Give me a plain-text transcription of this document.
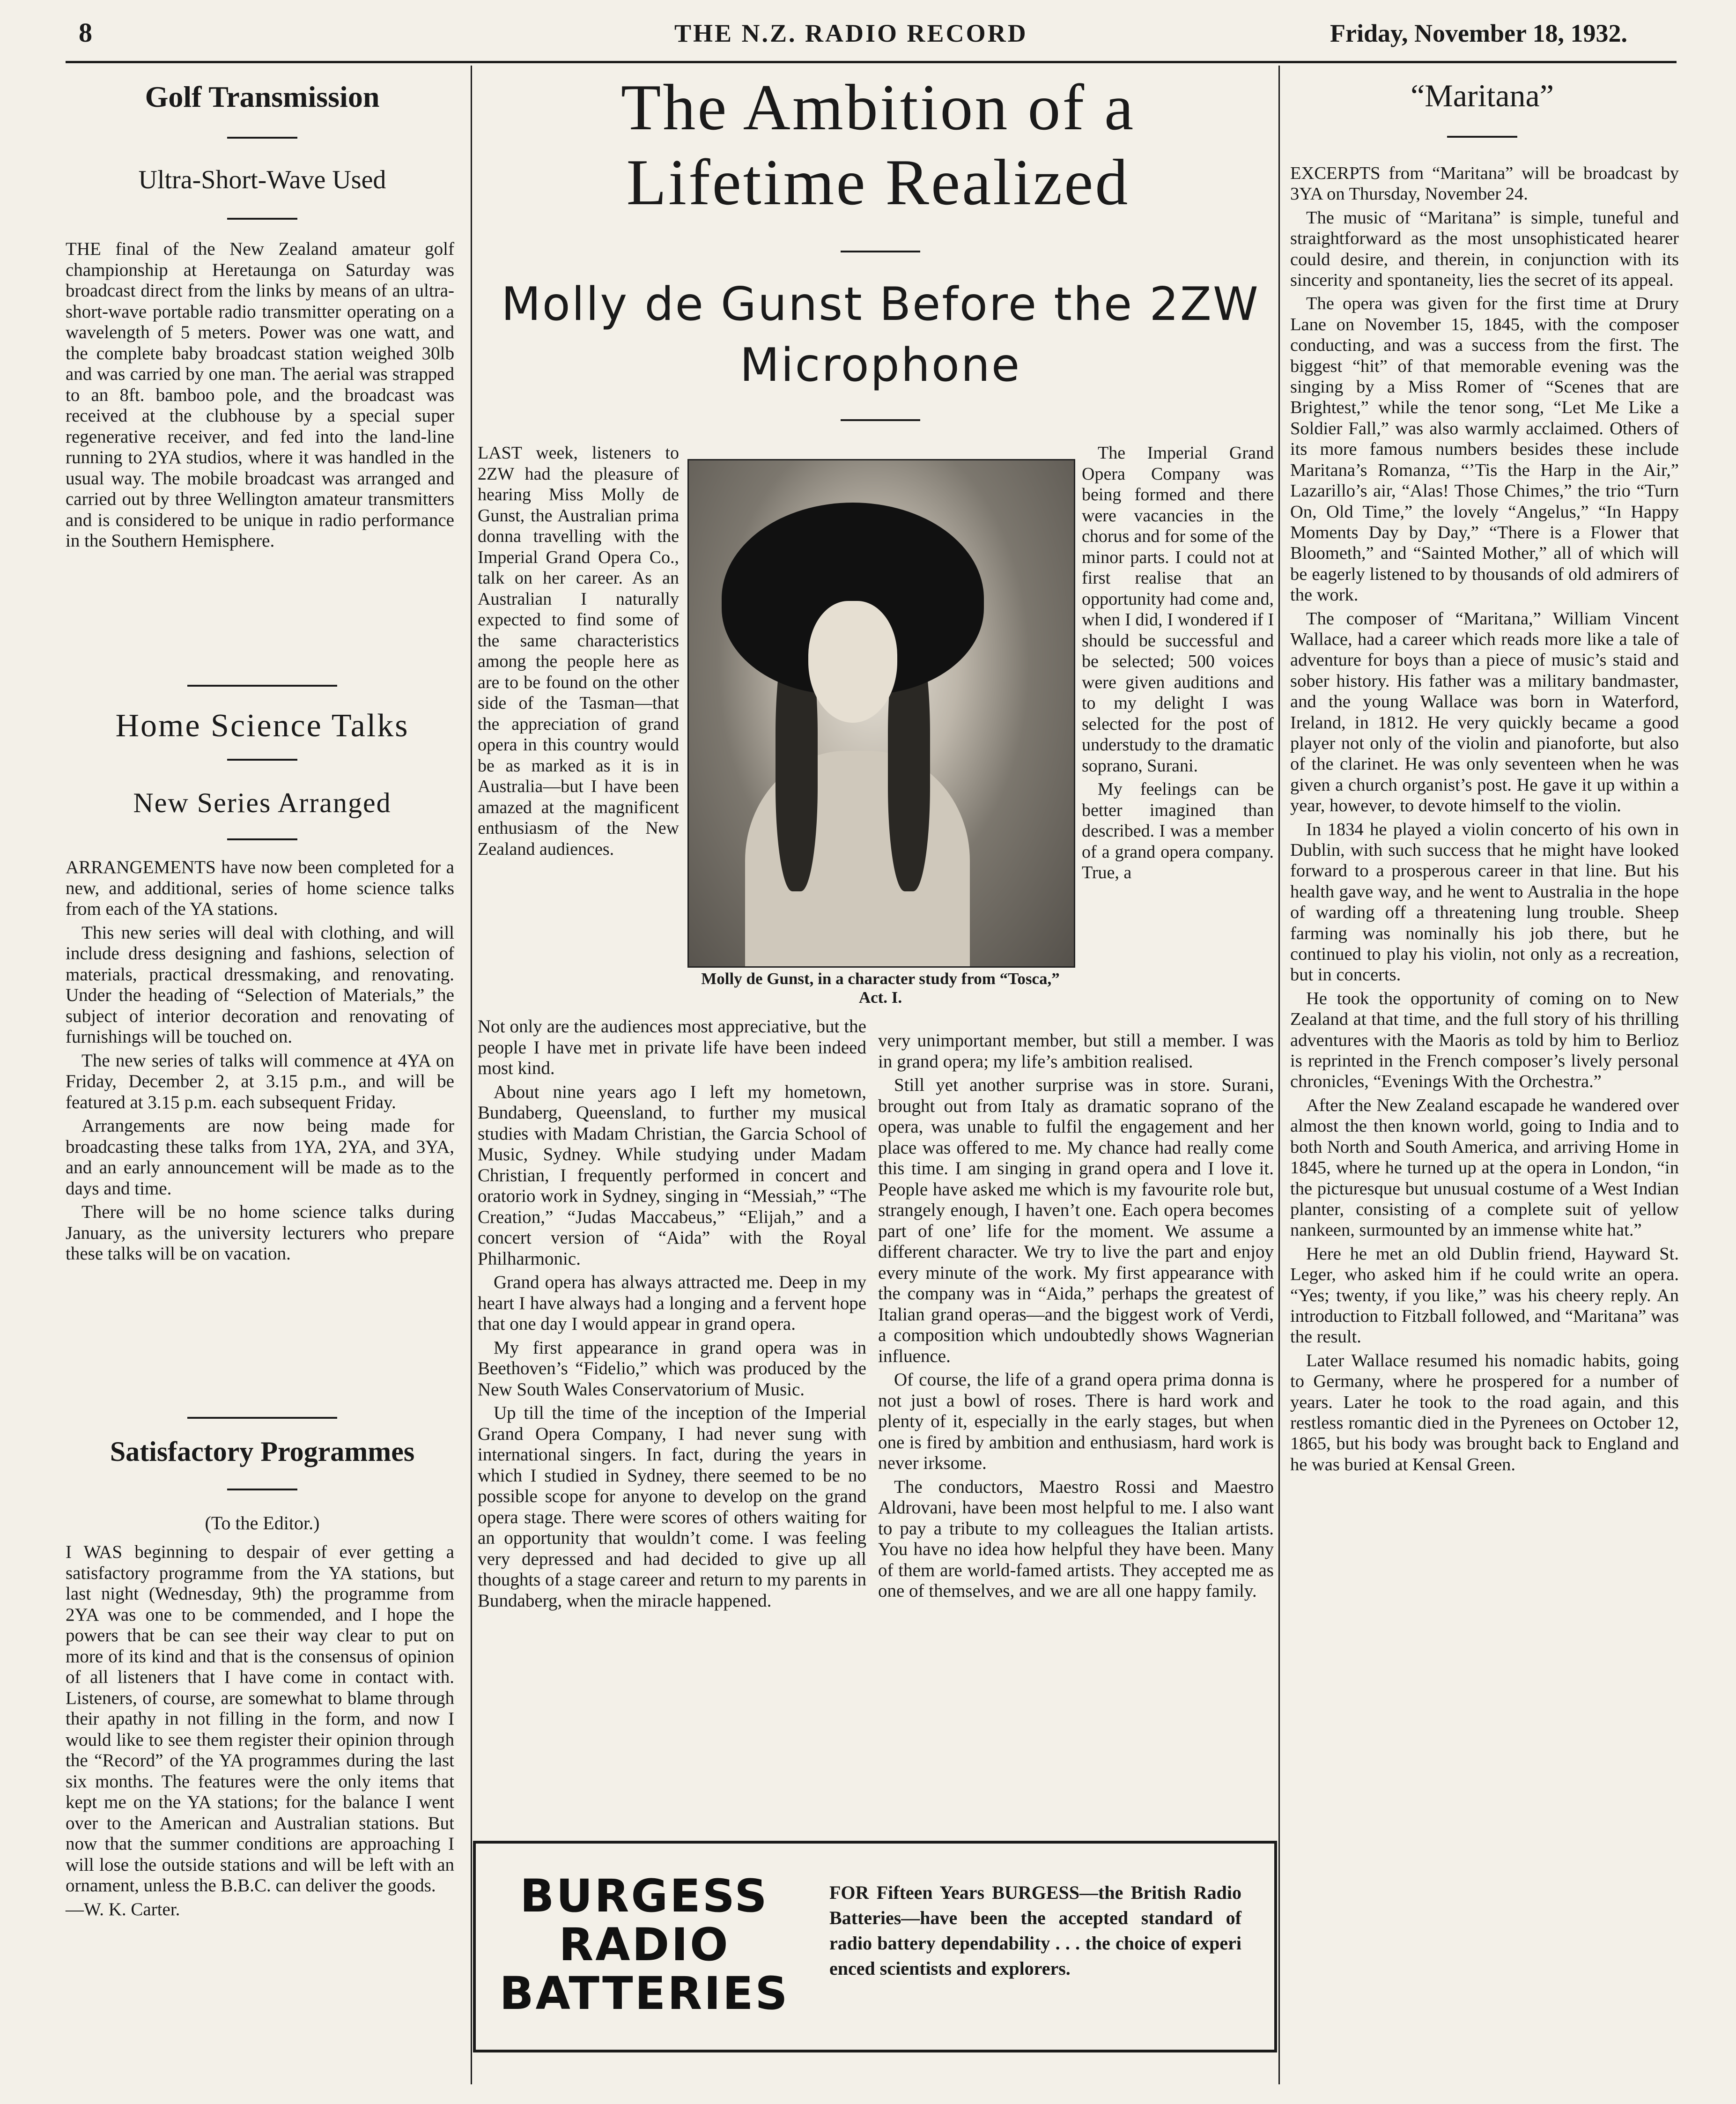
8	THE N.Z. RADIO RECORD	Friday, November 18, 1932.
Golf Transmission
Ultra-Short-Wave Used

THE final of the New Zealand amateur golf championship at Heretaunga on Saturday was broadcast direct from the links by means of an ultra-short-wave portable radio transmitter operating on a wavelength of 5 meters. Power was one watt, and the complete baby broadcast station weighed 30lb and was carried by one man. The aerial was strapped to an 8ft. bamboo pole, and the broadcast was received at the clubhouse by a special super regenerative receiver, and fed into the land-line running to 2YA studios, where it was handled in the usual way. The mobile broadcast was arranged and carried out by three Wellington amateur transmitters and is considered to be unique in radio performance in the Southern Hemisphere.

Home Science Talks
New Series Arranged

ARRANGEMENTS have now been completed for a new, and additional, series of home science talks from each of the YA stations.

This new series will deal with clothing, and will include dress designing and fashions, selection of materials, practical dressmaking, and renovating. Under the heading of “Selection of Materials,” the subject of interior decoration and renovating of furnishings will be touched on.

The new series of talks will commence at 4YA on Friday, December 2, at 3.15 p.m., and will be featured at 3.15 p.m. each subsequent Friday.

Arrangements are now being made for broadcasting these talks from 1YA, 2YA, and 3YA, and an early announcement will be made as to the days and time.

There will be no home science talks during January, as the university lecturers who prepare these talks will be on vacation.

Satisfactory Programmes
(To the Editor.)

I WAS beginning to despair of ever getting a satisfactory programme from the YA stations, but last night (Wednesday, 9th) the programme from 2YA was one to be commended, and I hope the powers that be can see their way clear to put on more of its kind and that is the consensus of opinion of all listeners that I have come in contact with. Listeners, of course, are somewhat to blame through their apathy in not filling in the form, and now I would like to see them register their opinion through the “Record” of the YA programmes during the last six months. The features were the only items that kept me on the YA stations; for the balance I went over to the American and Australian stations. But now that the summer conditions are approaching I will lose the outside stations and will be left with an ornament, unless the B.B.C. can deliver the goods.

—W. K. Carter.

The Ambition of a Lifetime Realized
Molly de Gunst Before the 2ZW Microphone
Molly de Gunst, in a character study from “Tosca,” Act. I.

LAST week, listeners to 2ZW had the pleasure of hearing Miss Molly de Gunst, the Australian prima donna travelling with the Imperial Grand Opera Co., talk on her career. As an Australian I naturally expected to find some of the same characteristics among the people here as are to be found on the other side of the Tasman—that the appreciation of grand opera in this country would be as marked as it is in Australia—but I have been amazed at the magnificent enthusiasm of the New Zealand audiences.

The Imperial Grand Opera Company was being formed and there were vacancies in the chorus and for some of the minor parts. I could not at first realise that an opportunity had come and, when I did, I wondered if I should be successful and be selected; 500 voices were given auditions and to my delight I was selected for the post of understudy to the dramatic soprano, Surani.

My feelings can be better imagined than described. I was a member of a grand opera company. True, a

Not only are the audiences most appreciative, but the people I have met in private life have been indeed most kind.

About nine years ago I left my hometown, Bundaberg, Queensland, to further my musical studies with Madam Christian, the Garcia School of Music, Sydney. While studying under Madam Christian, I frequently performed in concert and oratorio work in Sydney, singing in “Messiah,” “The Creation,” “Judas Maccabeus,” “Elijah,” and a concert version of “Aida” with the Royal Philharmonic.

Grand opera has always attracted me. Deep in my heart I have always had a longing and a fervent hope that one day I would appear in grand opera.

My first appearance in grand opera was in Beethoven’s “Fidelio,” which was produced by the New South Wales Conservatorium of Music.

Up till the time of the inception of the Imperial Grand Opera Company, I had never sung with international singers. In fact, during the years in which I studied in Sydney, there seemed to be no possible scope for anyone to develop on the grand opera stage. There were scores of others waiting for an opportunity that wouldn’t come. I was feeling very depressed and had decided to give up all thoughts of a stage career and return to my parents in Bundaberg, when the miracle happened.

very unimportant member, but still a member. I was in grand opera; my life’s ambition realised.

Still yet another surprise was in store. Surani, brought out from Italy as dramatic soprano of the opera, was unable to fulfil the engagement and her place was offered to me. My chance had really come this time. I am singing in grand opera and I love it. People have asked me which is my favourite role but, strangely enough, I haven’t one. Each opera becomes part of one’ life for the moment. We assume a different character. We try to live the part and enjoy every minute of the work. My first appearance with the company was in “Aida,” perhaps the greatest of Italian grand operas—and the biggest work of Verdi, a composition which undoubtedly shows Wagnerian influence.

Of course, the life of a grand opera prima donna is not just a bowl of roses. There is hard work and plenty of it, especially in the early stages, but when one is fired by ambition and enthusiasm, hard work is never irksome.

The conductors, Maestro Rossi and Maestro Aldrovani, have been most helpful to me. I also want to pay a tribute to my colleagues the Italian artists. You have no idea how helpful they have been. Many of them are world-famed artists. They accepted me as one of themselves, and we are all one happy family.

BURGESS
RADIO
BATTERIES
FOR Fifteen Years BURGESS—the British Radio Batteries—have been the accepted standard of radio battery dependability . . . the choice of experi enced scientists and explorers.
“Maritana”

EXCERPTS from “Maritana” will be broadcast by 3YA on Thursday, November 24.

The music of “Maritana” is simple, tuneful and straightforward as the most unsophisticated hearer could desire, and therein, in conjunction with its sincerity and spontaneity, lies the secret of its appeal.

The opera was given for the first time at Drury Lane on November 15, 1845, with the composer conducting, and was a success from the first. The biggest “hit” of that memorable evening was the singing by a Miss Romer of “Scenes that are Brightest,” while the tenor song, “Let Me Like a Soldier Fall,” was also warmly acclaimed. Others of its more famous numbers besides these include Maritana’s Romanza, “’Tis the Harp in the Air,” Lazarillo’s air, “Alas! Those Chimes,” the trio “Turn On, Old Time,” the lovely “Angelus,” “In Happy Moments Day by Day,” “There is a Flower that Bloometh,” and “Sainted Mother,” all of which will be eagerly listened to by thousands of old admirers of the work.

The composer of “Maritana,” William Vincent Wallace, had a career which reads more like a tale of adventure for boys than a piece of music’s staid and sober history. His father was a military bandmaster, and the young Wallace was born in Waterford, Ireland, in 1812. He very quickly became a good player not only of the violin and pianoforte, but also of the clarinet. He was only seventeen when he was given a church organist’s post. He gave it up within a year, however, to devote himself to the violin.

In 1834 he played a violin concerto of his own in Dublin, with such success that he might have looked forward to a prosperous career in that line. But his health gave way, and he went to Australia in the hope of warding off a threatening lung trouble. Sheep farming was nominally his job there, but he continued to play his violin, not only as a recreation, but in concerts.

He took the opportunity of coming on to New Zealand at that time, and the full story of his thrilling adventures with the Maoris as told by him to Berlioz is reprinted in the French composer’s lively personal chronicles, “Evenings With the Orchestra.”

After the New Zealand escapade he wandered over almost the then known world, going to India and to both North and South America, and arriving Home in 1845, where he turned up at the opera in London, “in the picturesque but unusual costume of a West Indian planter, consisting of a complete suit of yellow nankeen, surmounted by an immense white hat.”

Here he met an old Dublin friend, Hayward St. Leger, who asked him if he could write an opera. “Yes; twenty, if you like,” was his cheery reply. An introduction to Fitzball followed, and “Maritana” was the result.

Later Wallace resumed his nomadic habits, going to Germany, where he prospered for a number of years. Later he took to the road again, and this restless romantic died in the Pyrenees on October 12, 1865, but his body was brought back to England and he was buried at Kensal Green.
